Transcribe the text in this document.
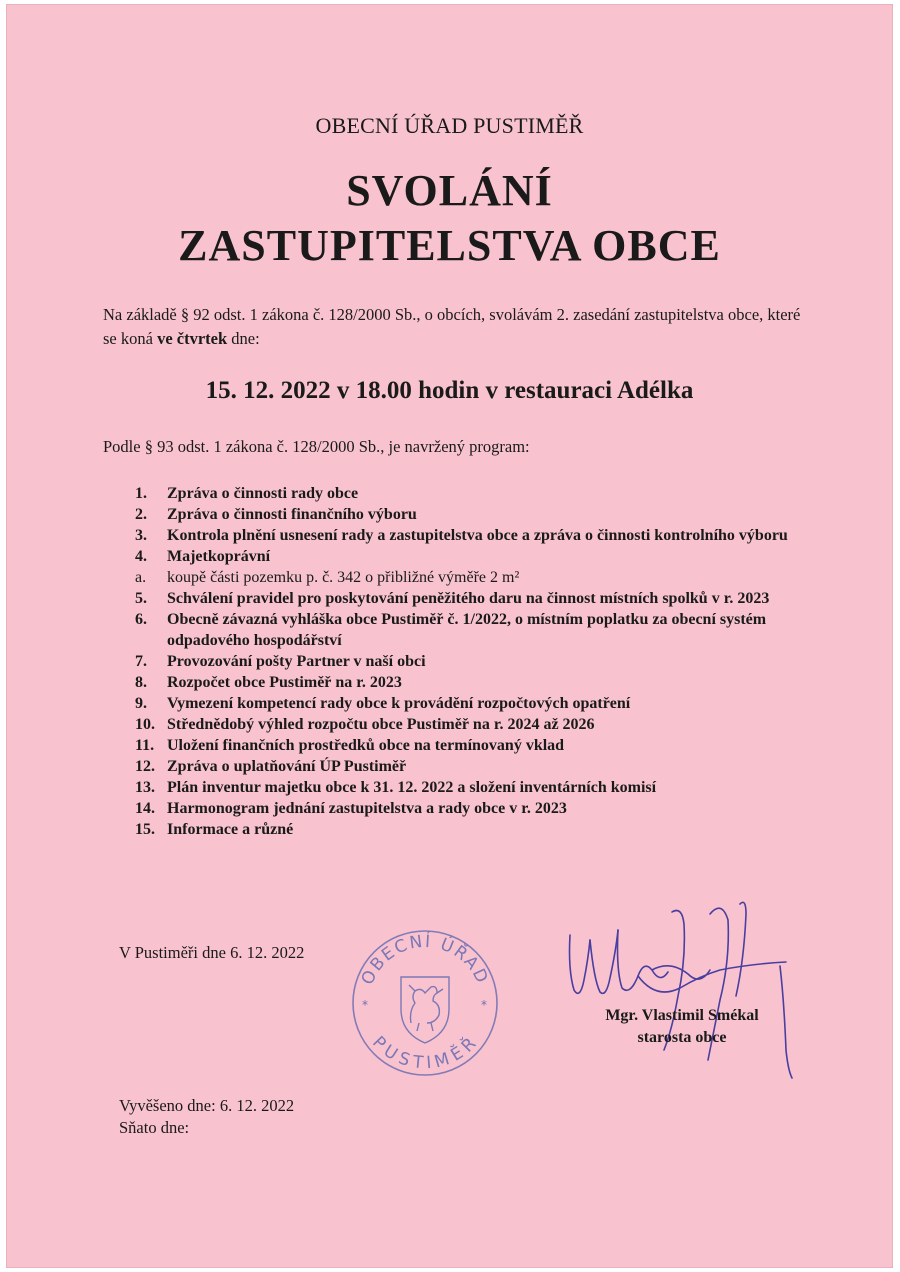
OBECNÍ ÚŘAD PUSTIMĚŘ
SVOLÁNÍ
ZASTUPITELSTVA OBCE
Na základě § 92 odst. 1 zákona č. 128/2000 Sb., o obcích, svolávám 2. zasedání zastupitelstva obce, které se koná ve čtvrtek dne:
15. 12. 2022 v 18.00 hodin v restauraci Adélka
Podle § 93 odst. 1 zákona č. 128/2000 Sb., je navržený program:
1. Zpráva o činnosti rady obce
2. Zpráva o činnosti finančního výboru
3. Kontrola plnění usnesení rady a zastupitelstva obce a zpráva o činnosti kontrolního výboru
4. Majetkoprávní
a. koupě části pozemku p. č. 342 o přibližné výměře 2 m²
5. Schválení pravidel pro poskytování peněžitého daru na činnost místních spolků v r. 2023
6. Obecně závazná vyhláška obce Pustiměř č. 1/2022, o místním poplatku za obecní systém odpadového hospodářství
7. Provozování pošty Partner v naší obci
8. Rozpočet obce Pustiměř na r. 2023
9. Vymezení kompetencí rady obce k provádění rozpočtových opatření
10. Střednědobý výhled rozpočtu obce Pustiměř na r. 2024 až 2026
11. Uložení finančních prostředků obce na termínovaný vklad
12. Zpráva o uplatňování ÚP Pustiměř
13. Plán inventur majetku obce k 31. 12. 2022 a složení inventárních komisí
14. Harmonogram jednání zastupitelstva a rady obce v r. 2023
15. Informace a různé
V Pustiměři dne 6. 12. 2022
OBECNÍ ÚŘAD
PUSTIMĚŘ
*	*
Mgr. Vlastimil Smékal
starosta obce
Vyvěšeno dne: 6. 12. 2022
Sňato dne:
